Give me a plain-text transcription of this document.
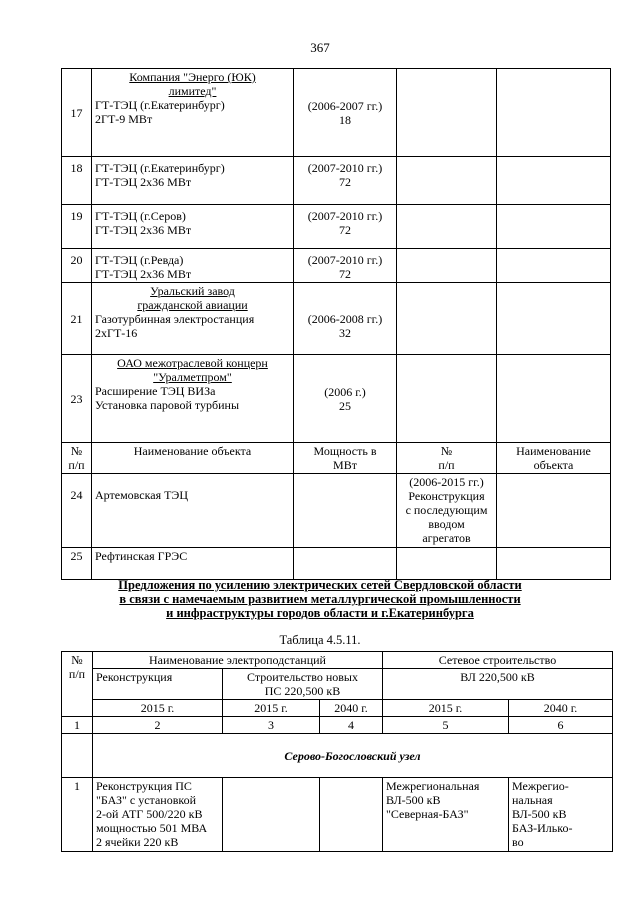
367
17	Компания "Энерго (ЮК)
лимитед"
ГТ-ТЭЦ (г.Екатеринбург)
2ГТ-9 МВт	(2006-2007 гг.)
18		

18	ГТ-ТЭЦ (г.Екатеринбург)
ГТ-ТЭЦ 2х36 МВт	(2007-2010 гг.)
72		

19	ГТ-ТЭЦ (г.Серов)
ГТ-ТЭЦ 2х36 МВт	(2007-2010 гг.)
72		

20	ГТ-ТЭЦ (г.Ревда)
ГТ-ТЭЦ 2х36 МВт	(2007-2010 гг.)
72		

21	Уральский завод
гражданской авиации
Газотурбинная электростанция
2хГТ-16	(2006-2008 гг.)
32		

23	ОАО межотраслевой концерн
"Уралметпром"
Расширение ТЭЦ ВИЗа
Установка паровой турбины	(2006 г.)
25		

№
п/п	Наименование объекта	Мощность в
МВт	№
п/п	Наименование
объекта

24	Артемовская ТЭЦ		(2006-2015 гг.)
Реконструкция
с последующим
вводом
агрегатов	

25	Рефтинская ГРЭС			
Предложения по усилению электрических сетей Свердловской области
в связи с намечаемым развитием металлургической промышленности
и инфраструктуры городов области и г.Екатеринбурга
Таблица 4.5.11.
№
п/п	Наименование электроподстанций			Сетевое строительство	
	Реконструкция	Строительство новых
ПС 220,500 кВ		ВЛ 220,500 кВ	
	2015 г.	2015 г.	2040 г.	2015 г.	2040 г.
1	2	3	4	5	6
	Серово-Богословский узел				
1	Реконструкция ПС
"БАЗ" с установкой
2-ой АТГ 500/220 кВ
мощностью 501 МВА
2 ячейки 220 кВ			Межрегиональная
ВЛ-500 кВ
"Северная-БАЗ"	Межрегио-
нальная
ВЛ-500 кВ
БАЗ-Илько-
во
